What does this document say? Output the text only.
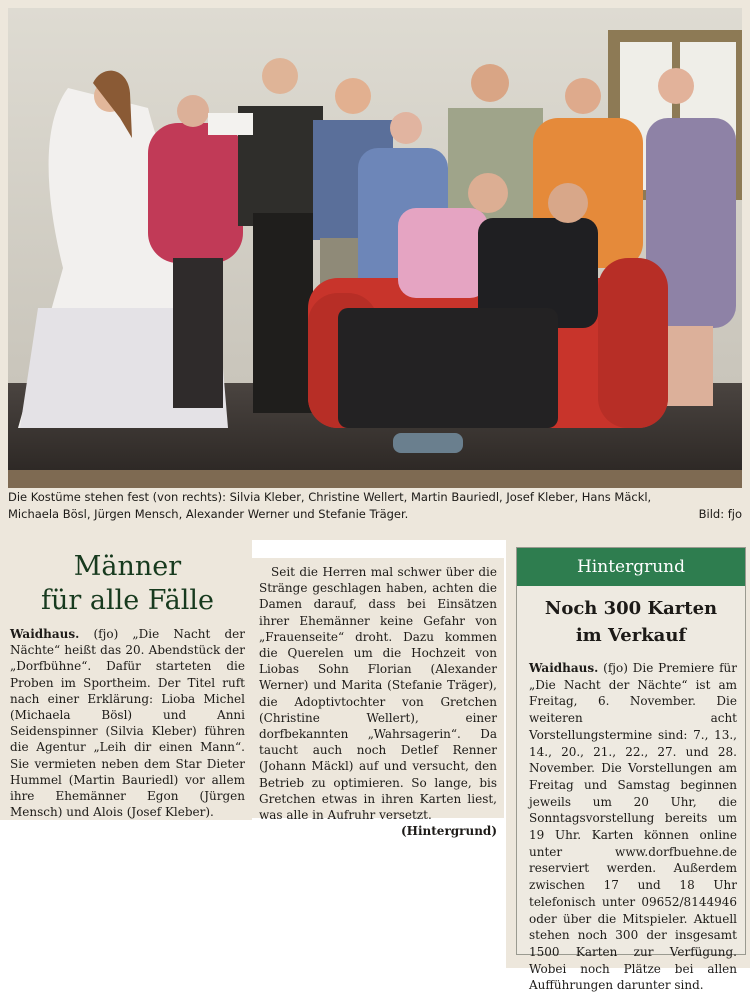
Die Kostüme stehen fest (von rechts): Silvia Kleber, Christine Wellert, Martin Bauriedl, Josef Kleber, Hans Mäckl,
Michaela Bösl, Jürgen Mensch, Alexander Werner und Stefanie Träger.	Bild: fjo
Männer
für alle Fälle

Waidhaus. (fjo) „Die Nacht der Nächte“ heißt das 20. Abendstück der „Dorfbühne“. Dafür starteten die Proben im Sportheim. Der Titel ruft nach einer Erklärung: Lioba Michel (Michaela Bösl) und Anni Seidenspinner (Silvia Kleber) führen die Agentur „Leih dir einen Mann“. Sie vermieten neben dem Star Dieter Hummel (Martin Bauriedl) vor allem ihre Ehemänner Egon (Jürgen Mensch) und Alois (Josef Kleber).

Seit die Herren mal schwer über die Stränge geschlagen haben, achten die Damen darauf, dass bei Einsätzen ihrer Ehemänner keine Gefahr von „Frauenseite“ droht. Dazu kommen die Querelen um die Hochzeit von Liobas Sohn Florian (Alexander Werner) und Marita (Stefanie Träger), die Adoptivtochter von Gretchen (Christine Wellert), einer dorfbekannten „Wahrsagerin“. Da taucht auch noch Detlef Renner (Johann Mäckl) auf und versucht, den Betrieb zu optimieren. So lange, bis Gretchen etwas in ihren Karten liest, was alle in Aufruhr versetzt.
(Hintergrund)

Hintergrund
Noch 300 Karten
im Verkauf

Waidhaus. (fjo) Die Premiere für „Die Nacht der Nächte“ ist am Freitag, 6. November. Die weiteren acht Vorstellungstermine sind: 7., 13., 14., 20., 21., 22., 27. und 28. November. Die Vorstellungen am Freitag und Samstag beginnen jeweils um 20 Uhr, die Sonntagsvorstellung bereits um 19 Uhr. Karten können online unter www.dorfbuehne.de reserviert werden. Außerdem zwischen 17 und 18 Uhr telefonisch unter 09652/8144946 oder über die Mitspieler. Aktuell stehen noch 300 der insgesamt 1500 Karten zur Verfügung. Wobei noch Plätze bei allen Aufführungen darunter sind.
